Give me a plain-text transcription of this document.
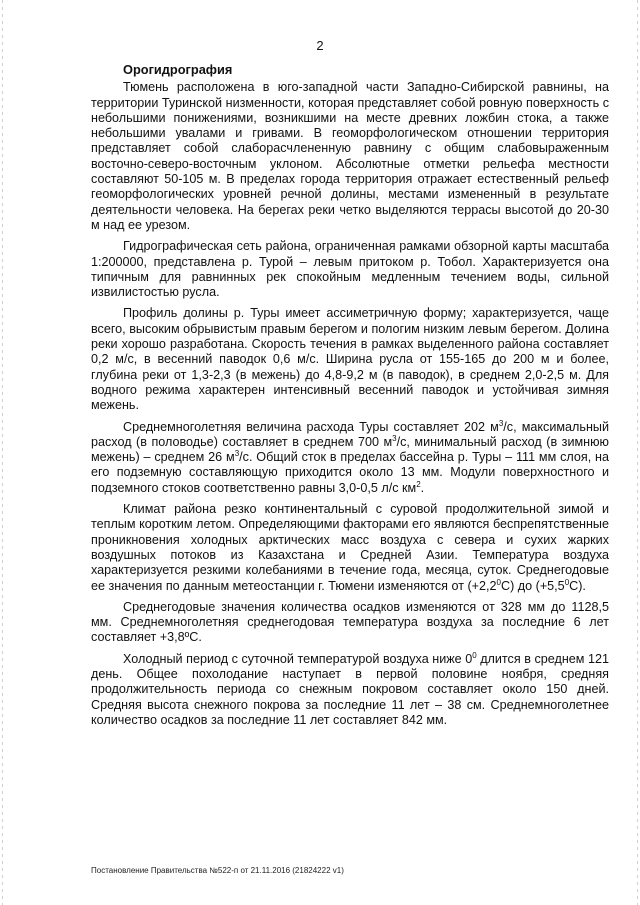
2

Орогидрография

Тюмень расположена в юго-западной части Западно-Сибирской равнины, на территории Туринской низменности, которая представляет собой ровную поверхность с небольшими понижениями, возникшими на месте древних ложбин стока, а также небольшими увалами и гривами. В геоморфологическом отношении территория представляет собой слаборасчлененную равнину с общим слабовыраженным восточно-северо-восточным уклоном. Абсолютные отметки рельефа местности составляют 50-105 м. В пределах города территория отражает естественный рельеф геоморфологических уровней речной долины, местами измененный в результате деятельности человека. На берегах реки четко выделяются террасы высотой до 20-30 м над ее урезом.

Гидрографическая сеть района, ограниченная рамками обзорной карты масштаба 1:200000, представлена р. Турой – левым притоком р. Тобол. Характеризуется она типичным для равнинных рек спокойным медленным течением воды, сильной извилистостью русла.

Профиль долины р. Туры имеет ассиметричную форму; характеризуется, чаще всего, высоким обрывистым правым берегом и пологим низким левым берегом. Долина реки хорошо разработана. Скорость течения в рамках выделенного района составляет 0,2 м/с, в весенний паводок 0,6 м/с. Ширина русла от 155-165 до 200 м и более, глубина реки от 1,3-2,3 (в межень) до 4,8-9,2 м (в паводок), в среднем 2,0-2,5 м. Для водного режима характерен интенсивный весенний паводок и устойчивая зимняя межень.

Среднемноголетняя величина расхода Туры составляет 202 $м^3/с$, максимальный расход (в половодье) составляет в среднем 700 $м^3/с$, минимальный расход (в зимнюю межень) – среднем 26 $м^3/с$. Общий сток в пределах бассейна р. Туры – 111 мм слоя, на его подземную составляющую приходится около 13 мм. Модули поверхностного и подземного стоков соответственно равны 3,0-0,5 л/с $км^2$.

Климат района резко континентальный с суровой продолжительной зимой и теплым коротким летом. Определяющими факторами его являются беспрепятственные проникновения холодных арктических масс воздуха с севера и сухих жарких воздушных потоков из Казахстана и Средней Азии. Температура воздуха характеризуется резкими колебаниями в течение года, месяца, суток. Среднегодовые ее значения по данным метеостанции г. Тюмени изменяются от $(+2,2^0С)$ до $(+5,5^0С)$.

Среднегодовые значения количества осадков изменяются от 328 мм до 1128,5 мм. Среднемноголетняя среднегодовая температура воздуха за последние 6 лет составляет +3,8ºС.

Холодный период с суточной температурой воздуха ниже $0^0$ длится в среднем 121 день. Общее похолодание наступает в первой половине ноября, средняя продолжительность периода со снежным покровом составляет около 150 дней. Средняя высота снежного покрова за последние 11 лет – 38 см. Среднемноголетнее количество осадков за последние 11 лет составляет 842 мм.

Постановление Правительства №522-п от 21.11.2016 (21824222 v1)
